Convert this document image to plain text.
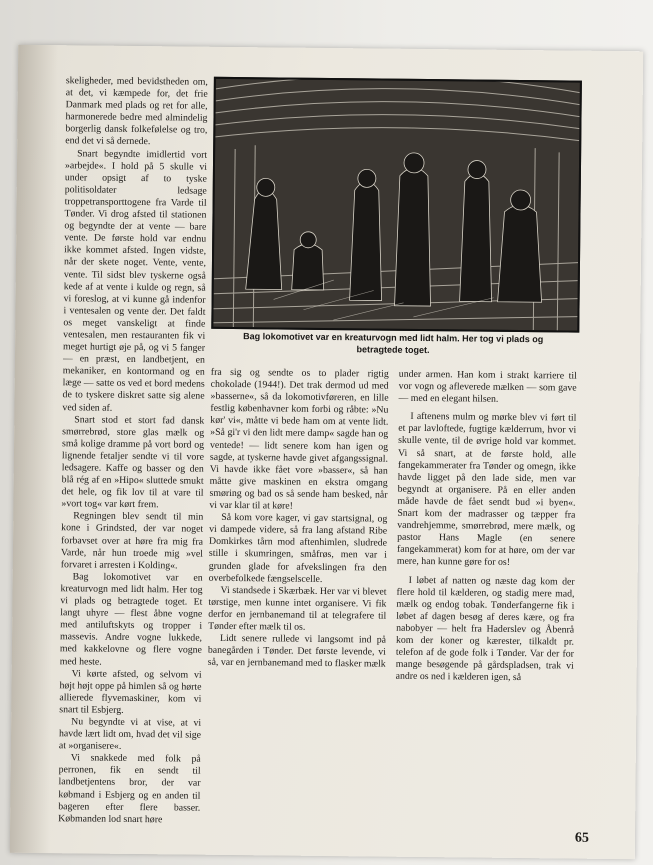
Bag lokomotivet var en kreaturvogn med lidt halm. Her tog vi plads og
betragtede toget.

skeligheder, med bevidstheden om, at det, vi kæmpede for, det frie Danmark med plads og ret for alle, harmonerede bedre med almindelig borgerlig dansk folkefølelse og tro, end det vi så dernede.

Snart begyndte imidlertid vort »arbejde«. I hold på 5 skulle vi under opsigt af to tyske politisoldater ledsage troppetransporttogene fra Varde til Tønder. Vi drog afsted til stationen og begyndte der at vente — bare vente. De første hold var endnu ikke kommet afsted. Ingen vidste, når der skete noget. Vente, vente, vente. Til sidst blev tyskerne også kede af at vente i kulde og regn, så vi foreslog, at vi kunne gå indenfor i ventesalen og vente der. Det faldt os meget vanskeligt at finde ventesalen, men restauranten fik vi meget hurtigt øje på, og vi 5 fanger — en præst, en landbetjent, en mekaniker, en kontormand og en læge — satte os ved et bord medens de to tyskere diskret satte sig alene ved siden af.

Snart stod et stort fad dansk smørrebrød, store glas mælk og små kolige dramme på vort bord og lignende fetaljer sendte vi til vore ledsagere. Kaffe og basser og den blå rég af en »Hipo« sluttede smukt det hele, og fik lov til at vare til »vort tog« var kørt frem.

Regningen blev sendt til min kone i Grindsted, der var noget forbavset over at høre fra mig fra Varde, når hun troede mig »vel forvaret i arresten i Kolding«.

Bag lokomotivet var en kreaturvogn med lidt halm. Her tog vi plads og betragtede toget. Et langt uhyre — flest åbne vogne med antiluftskyts og tropper i massevis. Andre vogne lukkede, med kakkelovne og flere vogne med heste.

Vi kørte afsted, og selvom vi højt højt oppe på himlen så og hørte allierede flyvemaskiner, kom vi snart til Esbjerg.

Nu begyndte vi at vise, at vi havde lært lidt om, hvad det vil sige at »organisere«.

Vi snakkede med folk på perronen, fik en sendt til landbetjentens bror, der var købmand i Esbjerg og en anden til bageren efter flere basser. Købmanden lod snart høre

fra sig og sendte os to plader rigtig chokolade (1944!). Det trak dermod ud med »basserne«, så da lokomotivføreren, en lille festlig københavner kom forbi og råbte: »Nu kør' vi«, måtte vi bede ham om at vente lidt. »Så gi'r vi den lidt mere damp« sagde han og ventede! — lidt senere kom han igen og sagde, at tyskerne havde givet afgangssignal. Vi havde ikke fået vore »basser«, så han måtte give maskinen en ekstra omgang smøring og bad os så sende ham besked, når vi var klar til at køre!

Så kom vore kager, vi gav startsignal, og vi dampede videre, så fra lang afstand Ribe Domkirkes tårn mod aftenhimlen, sludrede stille i skumringen, småfrøs, men var i grunden glade for afvekslingen fra den overbefolkede fængselscelle.

Vi standsede i Skærbæk. Her var vi blevet tørstige, men kunne intet organisere. Vi fik derfor en jernbanemand til at telegrafere til Tønder efter mælk til os.

Lidt senere rullede vi langsomt ind på banegården i Tønder. Det første levende, vi så, var en jernbanemand med to flasker mælk

under armen. Han kom i strakt karriere til vor vogn og afleverede mælken — som gave — med en elegant hilsen.

I aftenens mulm og mørke blev vi ført til et par lavloftede, fugtige kælderrum, hvor vi skulle vente, til de øvrige hold var kommet. Vi så snart, at de første hold, alle fangekammerater fra Tønder og omegn, ikke havde ligget på den lade side, men var begyndt at organisere. På en eller anden måde havde de fået sendt bud »i byen«. Snart kom der madrasser og tæpper fra vandrehjemme, smørrebrød, mere mælk, og pastor Hans Magle (en senere fangekammerat) kom for at høre, om der var mere, han kunne gøre for os!

I løbet af natten og næste dag kom der flere hold til kælderen, og stadig mere mad, mælk og endog tobak. Tønderfangerne fik i løbet af dagen besøg af deres kære, og fra nabobyer — helt fra Haderslev og Åbenrå kom der koner og kærester, tilkaldt pr. telefon af de gode folk i Tønder. Var der for mange besøgende på gårdspladsen, trak vi andre os ned i kælderen igen, så

65
